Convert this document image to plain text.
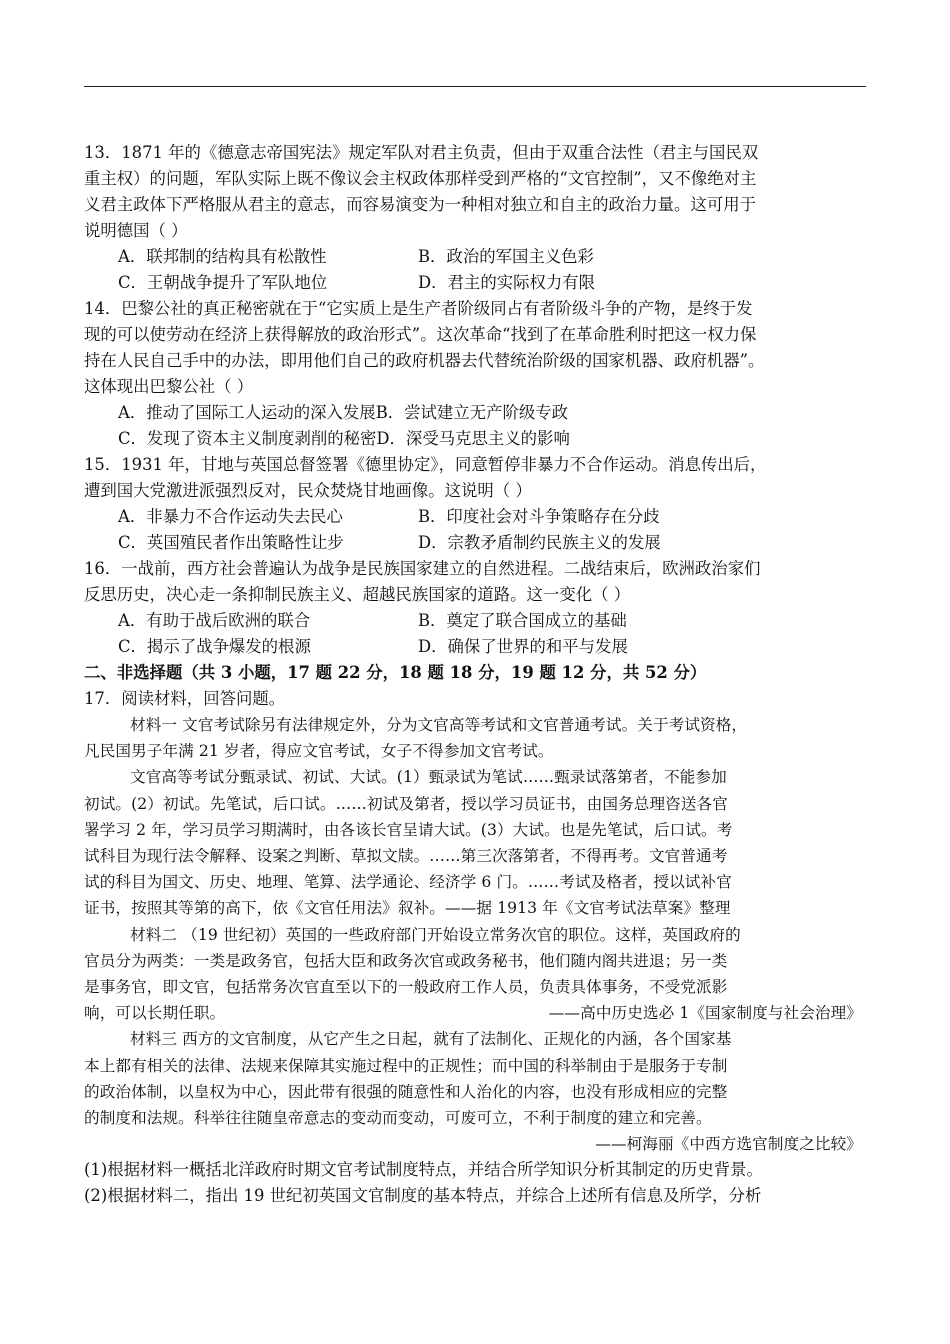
13．1871 年的《德意志帝国宪法》规定军队对君主负责，但由于双重合法性（君主与国民双
重主权）的问题，军队实际上既不像议会主权政体那样受到严格的“文官控制”，又不像绝对主
义君主政体下严格服从君主的意志，而容易演变为一种相对独立和自主的政治力量。这可用于
说明德国（ ）
A．联邦制的结构具有松散性	B．政治的军国主义色彩
C．王朝战争提升了军队地位	D．君主的实际权力有限
14．巴黎公社的真正秘密就在于“它实质上是生产者阶级同占有者阶级斗争的产物，是终于发
现的可以使劳动在经济上获得解放的政治形式”。这次革命“找到了在革命胜利时把这一权力保
持在人民自己手中的办法，即用他们自己的政府机器去代替统治阶级的国家机器、政府机器”。
这体现出巴黎公社（ ）
A．推动了国际工人运动的深入发展B．尝试建立无产阶级专政
C．发现了资本主义制度剥削的秘密D．深受马克思主义的影响
15．1931 年，甘地与英国总督签署《德里协定》，同意暂停非暴力不合作运动。消息传出后，
遭到国大党激进派强烈反对，民众焚烧甘地画像。这说明（ ）
A．非暴力不合作运动失去民心	B．印度社会对斗争策略存在分歧
C．英国殖民者作出策略性让步	D．宗教矛盾制约民族主义的发展
16．一战前，西方社会普遍认为战争是民族国家建立的自然进程。二战结束后，欧洲政治家们
反思历史，决心走一条抑制民族主义、超越民族国家的道路。这一变化（ ）
A．有助于战后欧洲的联合	B．奠定了联合国成立的基础
C．揭示了战争爆发的根源	D．确保了世界的和平与发展
二、非选择题（共 3 小题，17 题 22 分，18 题 18 分，19 题 12 分，共 52 分）
17．阅读材料，回答问题。
材料一 文官考试除另有法律规定外，分为文官高等考试和文官普通考试。关于考试资格，
凡民国男子年满 21 岁者，得应文官考试，女子不得参加文官考试。
文官高等考试分甄录试、初试、大试。(1）甄录试为笔试……甄录试落第者，不能参加
初试。(2）初试。先笔试，后口试。……初试及第者，授以学习员证书，由国务总理咨送各官
署学习 2 年，学习员学习期满时，由各该长官呈请大试。(3）大试。也是先笔试，后口试。考
试科目为现行法令解释、设案之判断、草拟文牍。……第三次落第者，不得再考。文官普通考
试的科目为国文、历史、地理、笔算、法学通论、经济学 6 门。……考试及格者，授以试补官
证书，按照其等第的高下，依《文官任用法》叙补。——据 1913 年《文官考试法草案》整理
材料二 （19 世纪初）英国的一些政府部门开始设立常务次官的职位。这样，英国政府的
官员分为两类：一类是政务官，包括大臣和政务次官或政务秘书，他们随内阁共进退；另一类
是事务官，即文官，包括常务次官直至以下的一般政府工作人员，负责具体事务，不受党派影
响，可以长期任职。	——高中历史选必 1《国家制度与社会治理》
材料三 西方的文官制度，从它产生之日起，就有了法制化、正规化的内涵，各个国家基
本上都有相关的法律、法规来保障其实施过程中的正规性；而中国的科举制由于是服务于专制
的政治体制，以皇权为中心，因此带有很强的随意性和人治化的内容，也没有形成相应的完整
的制度和法规。科举往往随皇帝意志的变动而变动，可废可立，不利于制度的建立和完善。
——柯海丽《中西方选官制度之比较》
(1)根据材料一概括北洋政府时期文官考试制度特点，并结合所学知识分析其制定的历史背景。
(2)根据材料二，指出 19 世纪初英国文官制度的基本特点，并综合上述所有信息及所学，分析
